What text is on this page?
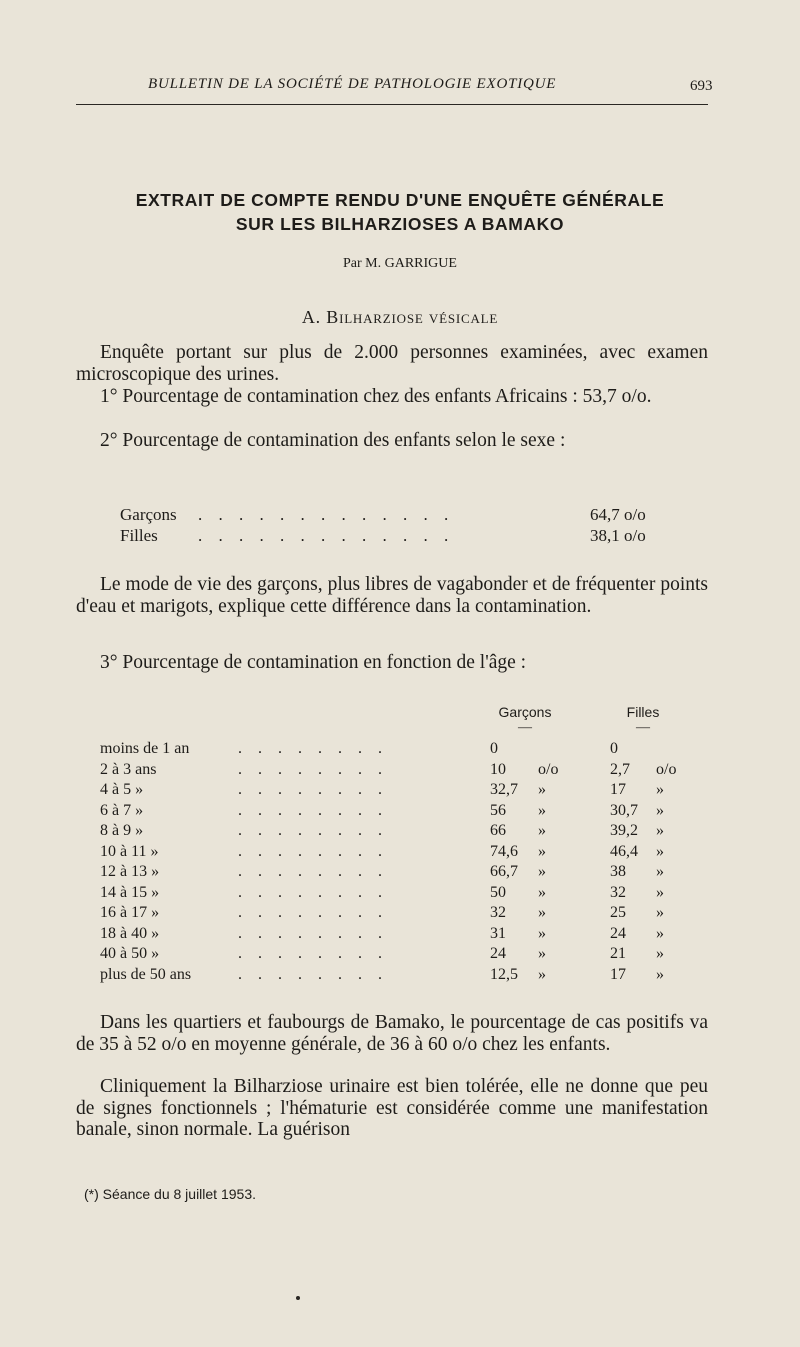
BULLETIN DE LA SOCIÉTÉ DE PATHOLOGIE EXOTIQUE	693
EXTRAIT DE COMPTE RENDU D'UNE ENQUÊTE GÉNÉRALE
SUR LES BILHARZIOSES A BAMAKO
Par M. GARRIGUE
A. Bilharziose vésicale

Enquête portant sur plus de 2.000 personnes examinées, avec examen microscopique des urines.

1° Pourcentage de contamination chez des enfants Africains : 53,7 o/o.

2° Pourcentage de contamination des enfants selon le sexe :

Garçons . . . . . . . . . . . . .	64,7 o/o
Filles . . . . . . . . . . . . .	38,1 o/o

Le mode de vie des garçons, plus libres de vagabonder et de fréquenter points d'eau et marigots, explique cette différence dans la contamination.

3° Pourcentage de contamination en fonction de l'âge :

Garçons	Filles
—	—
moins de 1 an	. . . . . . . .	0	0
2 à 3 ans	. . . . . . . .	10 o/o	2,7 o/o
4 à 5 »	. . . . . . . .	32,7 »	17 »
6 à 7 »	. . . . . . . .	56 »	30,7 »
8 à 9 »	. . . . . . . .	66 »	39,2 »
10 à 11 »	. . . . . . . .	74,6 »	46,4 »
12 à 13 »	. . . . . . . .	66,7 »	38 »
14 à 15 »	. . . . . . . .	50 »	32 »
16 à 17 »	. . . . . . . .	32 »	25 »
18 à 40 »	. . . . . . . .	31 »	24 »
40 à 50 »	. . . . . . . .	24 »	21 »
plus de 50 ans	. . . . . . . .	12,5 »	17 »

Dans les quartiers et faubourgs de Bamako, le pourcentage de cas positifs va de 35 à 52 o/o en moyenne générale, de 36 à 60 o/o chez les enfants.

Cliniquement la Bilharziose urinaire est bien tolérée, elle ne donne que peu de signes fonctionnels ; l'hématurie est considérée comme une manifestation banale, sinon normale. La guérison

(*) Séance du 8 juillet 1953.
